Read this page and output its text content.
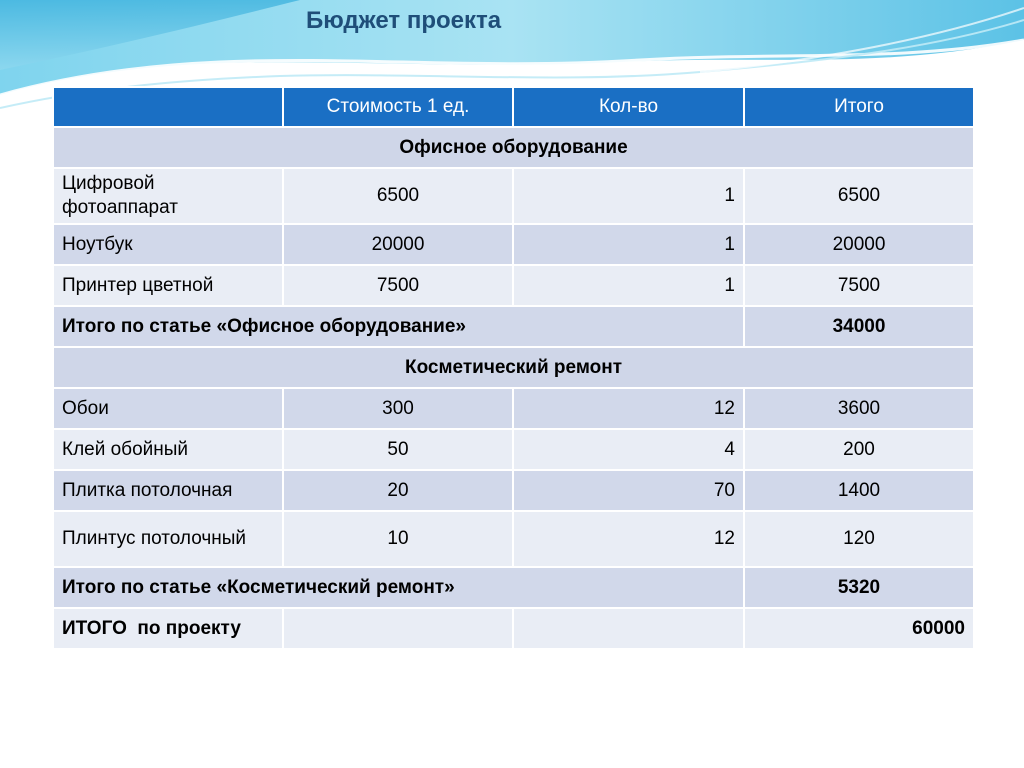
Бюджет проекта
	Стоимость 1 ед.	Кол-во	Итого
Офисное оборудование			
Цифровой фотоаппарат	6500	1	6500
Ноутбук	20000	1	20000
Принтер цветной	7500	1	7500
Итого по статье «Офисное оборудование»			34000
Косметический ремонт			
Обои	300	12	3600
Клей обойный	50	4	200
Плитка потолочная	20	70	1400
Плинтус потолочный	10	12	120
Итого по статье «Косметический ремонт»			5320
ИТОГО  по проекту			60000
